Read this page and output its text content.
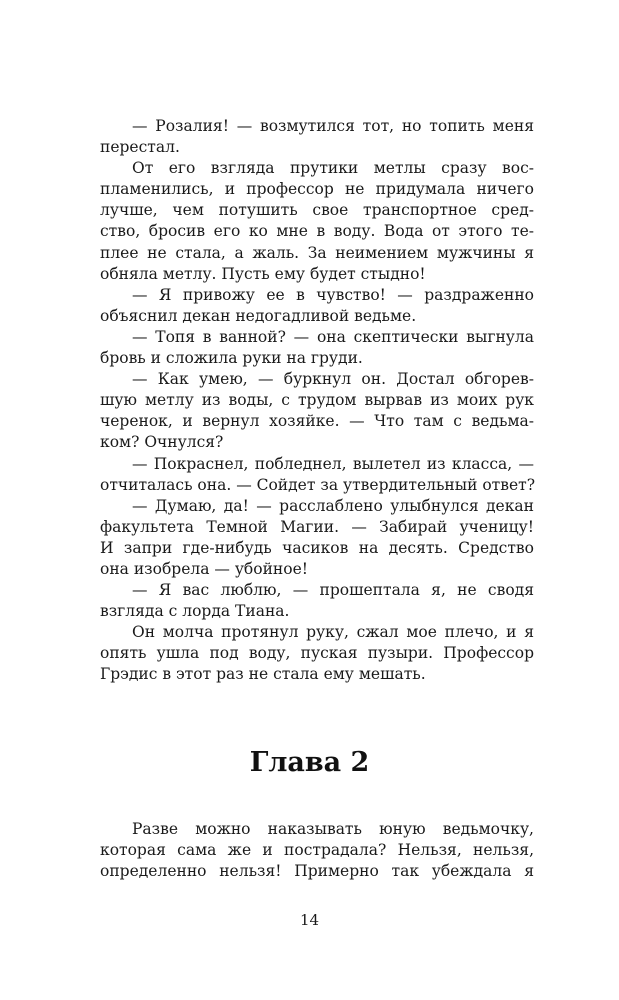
— Розалия! — возмутился тот, но топить меня
перестал.
От его взгляда прутики метлы сразу вос-
пламенились, и профессор не придумала ничего
лучше, чем потушить свое транспортное сред-
ство, бросив его ко мне в воду. Вода от этого те-
плее не стала, а жаль. За неимением мужчины я
обняла метлу. Пусть ему будет стыдно!
— Я привожу ее в чувство! — раздраженно
объяснил декан недогадливой ведьме.
— Топя в ванной? — она скептически выгнула
бровь и сложила руки на груди.
— Как умею, — буркнул он. Достал обгорев-
шую метлу из воды, с трудом вырвав из моих рук
черенок, и вернул хозяйке. — Что там с ведьма-
ком? Очнулся?
— Покраснел, побледнел, вылетел из класса, —
отчиталась она. — Сойдет за утвердительный ответ?
— Думаю, да! — расслаблено улыбнулся декан
факультета Темной Магии. — Забирай ученицу!
И запри где-нибудь часиков на десять. Средство
она изобрела — убойное!
— Я вас люблю, — прошептала я, не сводя
взгляда с лорда Тиана.
Он молча протянул руку, сжал мое плечо, и я
опять ушла под воду, пуская пузыри. Профессор
Грэдис в этот раз не стала ему мешать.
Глава 2
Разве можно наказывать юную ведьмочку,
которая сама же и пострадала? Нельзя, нельзя,
определенно нельзя! Примерно так убеждала я
14
